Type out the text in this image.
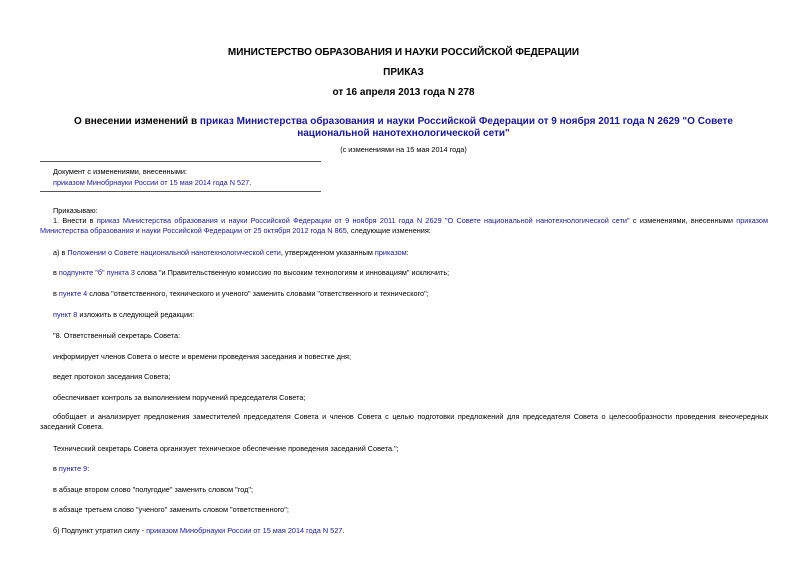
МИНИСТЕРСТВО ОБРАЗОВАНИЯ И НАУКИ РОССИЙСКОЙ ФЕДЕРАЦИИ
ПРИКАЗ
от 16 апреля 2013 года N 278
О внесении изменений в приказ Министерства образования и науки Российской Федерации от 9 ноября 2011 года N 2629 "О Совете национальной нанотехнологической сети"
(с изменениями на 15 мая 2014 года)
Документ с изменениями, внесенными:
приказом Минобрнауки России от 15 мая 2014 года N 527.
Приказываю:
1. Внести в приказ Министерства образования и науки Российской Федерации от 9 ноября 2011 года N 2629 "О Совете национальной нанотехнологической сети" с изменениями, внесенными приказом Министерства образования и науки Российской Федерации от 25 октября 2012 года N 865, следующие изменения:
а) в Положении о Совете национальной нанотехнологической сети, утвержденном указанным приказом:
в подпункте "б" пункта 3 слова "и Правительственную комиссию по высоким технологиям и инновациям" исключить;
в пункте 4 слова "ответственного, технического и ученого" заменить словами "ответственного и технического";
пункт 8 изложить в следующей редакции:
"8. Ответственный секретарь Совета:
информирует членов Совета о месте и времени проведения заседания и повестке дня;
ведет протокол заседания Совета;
обеспечивает контроль за выполнением поручений председателя Совета;
обобщает и анализирует предложения заместителей председателя Совета и членов Совета с целью подготовки предложений для председателя Совета о целесообразности проведения внеочередных заседаний Совета.
Технический секретарь Совета организует техническое обеспечение проведения заседаний Совета.";
в пункте 9:
в абзаце втором слово "полугодие" заменить словом "год";
в абзаце третьем слово "ученого" заменить словом "ответственного";
б) Подпункт утратил силу - приказом Минобрнауки России от 15 мая 2014 года N 527.
